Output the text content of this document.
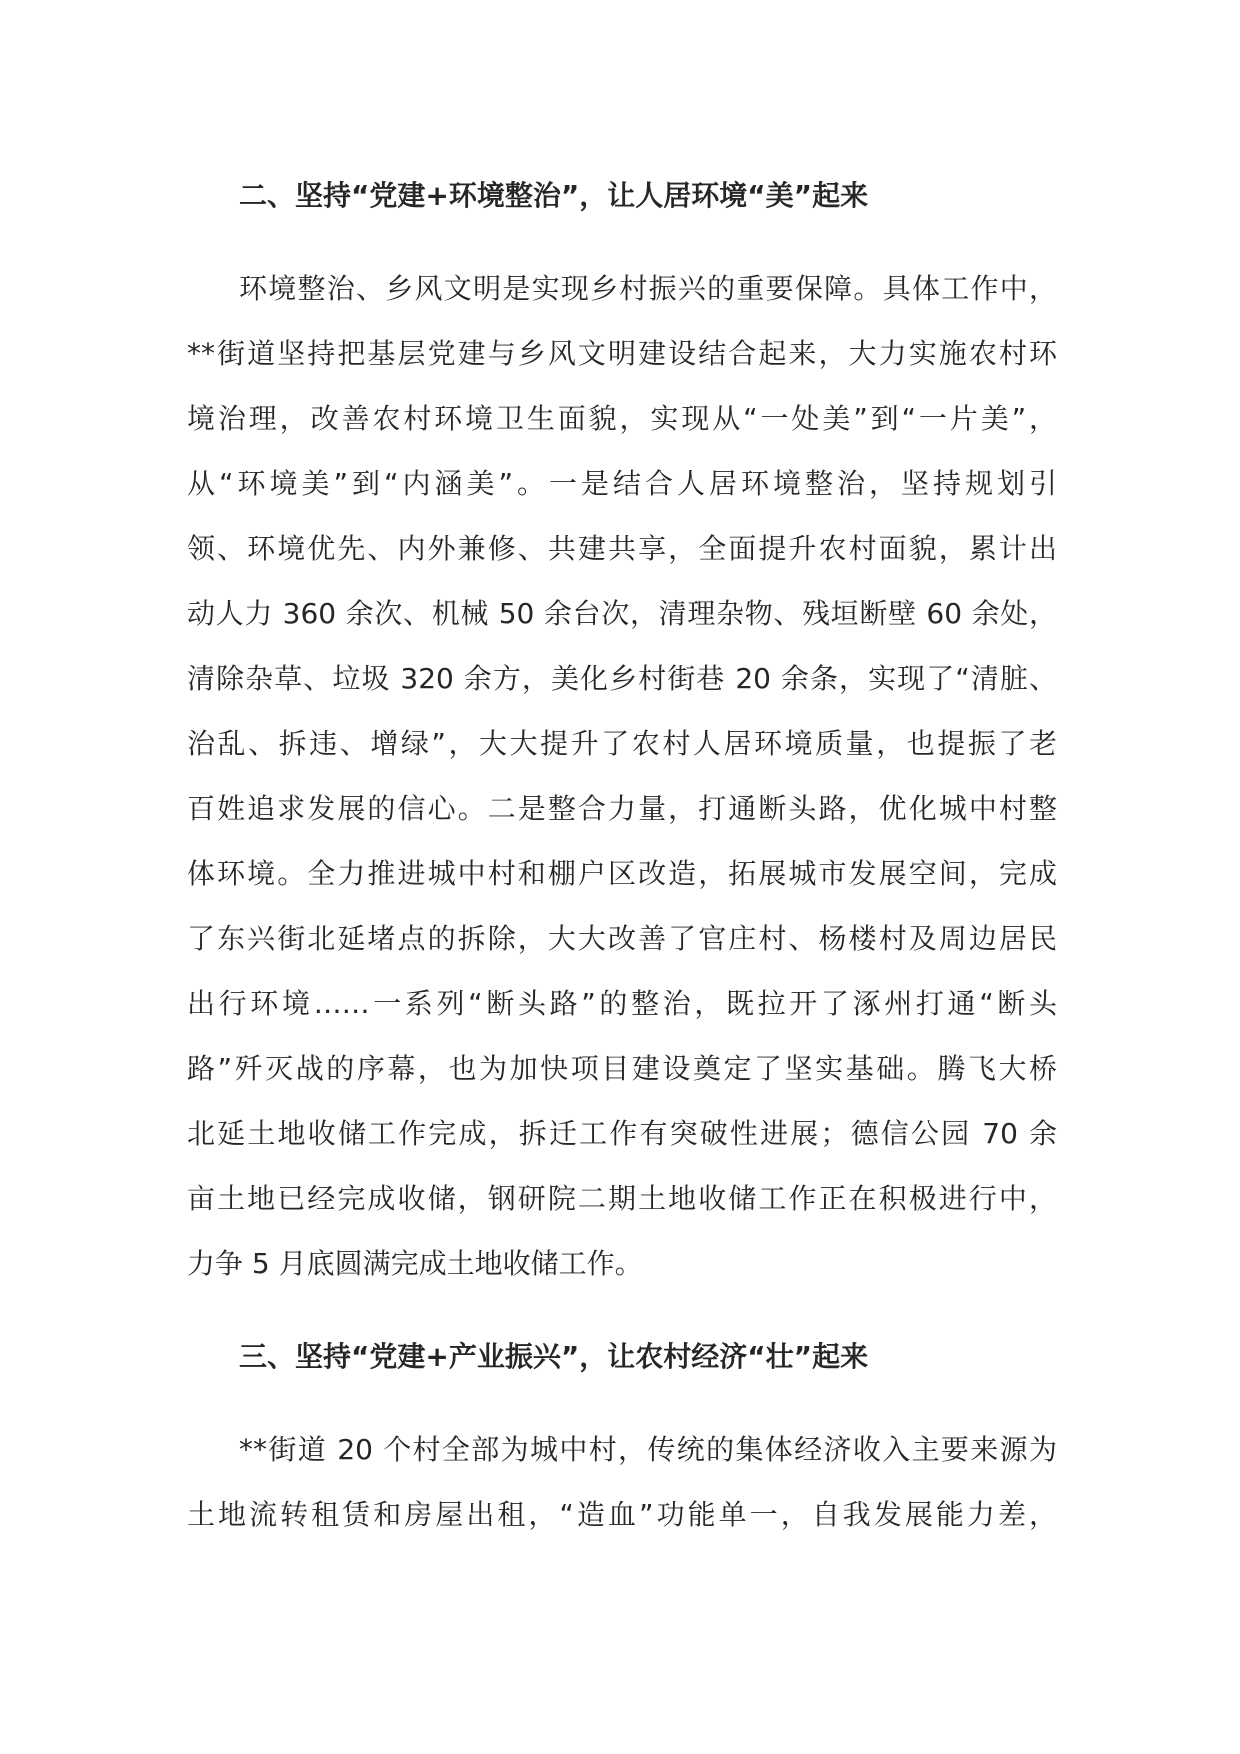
二、坚持“党建+环境整治”，让人居环境“美”起来
环境整治、乡风文明是实现乡村振兴的重要保障。具体工作中，
**街道坚持把基层党建与乡风文明建设结合起来，大力实施农村环
境治理，改善农村环境卫生面貌，实现从“一处美”到“一片美”，
从“环境美”到“内涵美”。一是结合人居环境整治，坚持规划引
领、环境优先、内外兼修、共建共享，全面提升农村面貌，累计出
动人力 360 余次、机械 50 余台次，清理杂物、残垣断壁 60 余处，
清除杂草、垃圾 320 余方，美化乡村街巷 20 余条，实现了“清脏、
治乱、拆违、增绿”，大大提升了农村人居环境质量，也提振了老
百姓追求发展的信心。二是整合力量，打通断头路，优化城中村整
体环境。全力推进城中村和棚户区改造，拓展城市发展空间，完成
了东兴街北延堵点的拆除，大大改善了官庄村、杨楼村及周边居民
出行环境……一系列“断头路”的整治，既拉开了涿州打通“断头
路”歼灭战的序幕，也为加快项目建设奠定了坚实基础。腾飞大桥
北延土地收储工作完成，拆迁工作有突破性进展；德信公园 70 余
亩土地已经完成收储，钢研院二期土地收储工作正在积极进行中，
力争 5 月底圆满完成土地收储工作。
三、坚持“党建+产业振兴”，让农村经济“壮”起来
**街道 20 个村全部为城中村，传统的集体经济收入主要来源为
土地流转租赁和房屋出租，“造血”功能单一，自我发展能力差，
